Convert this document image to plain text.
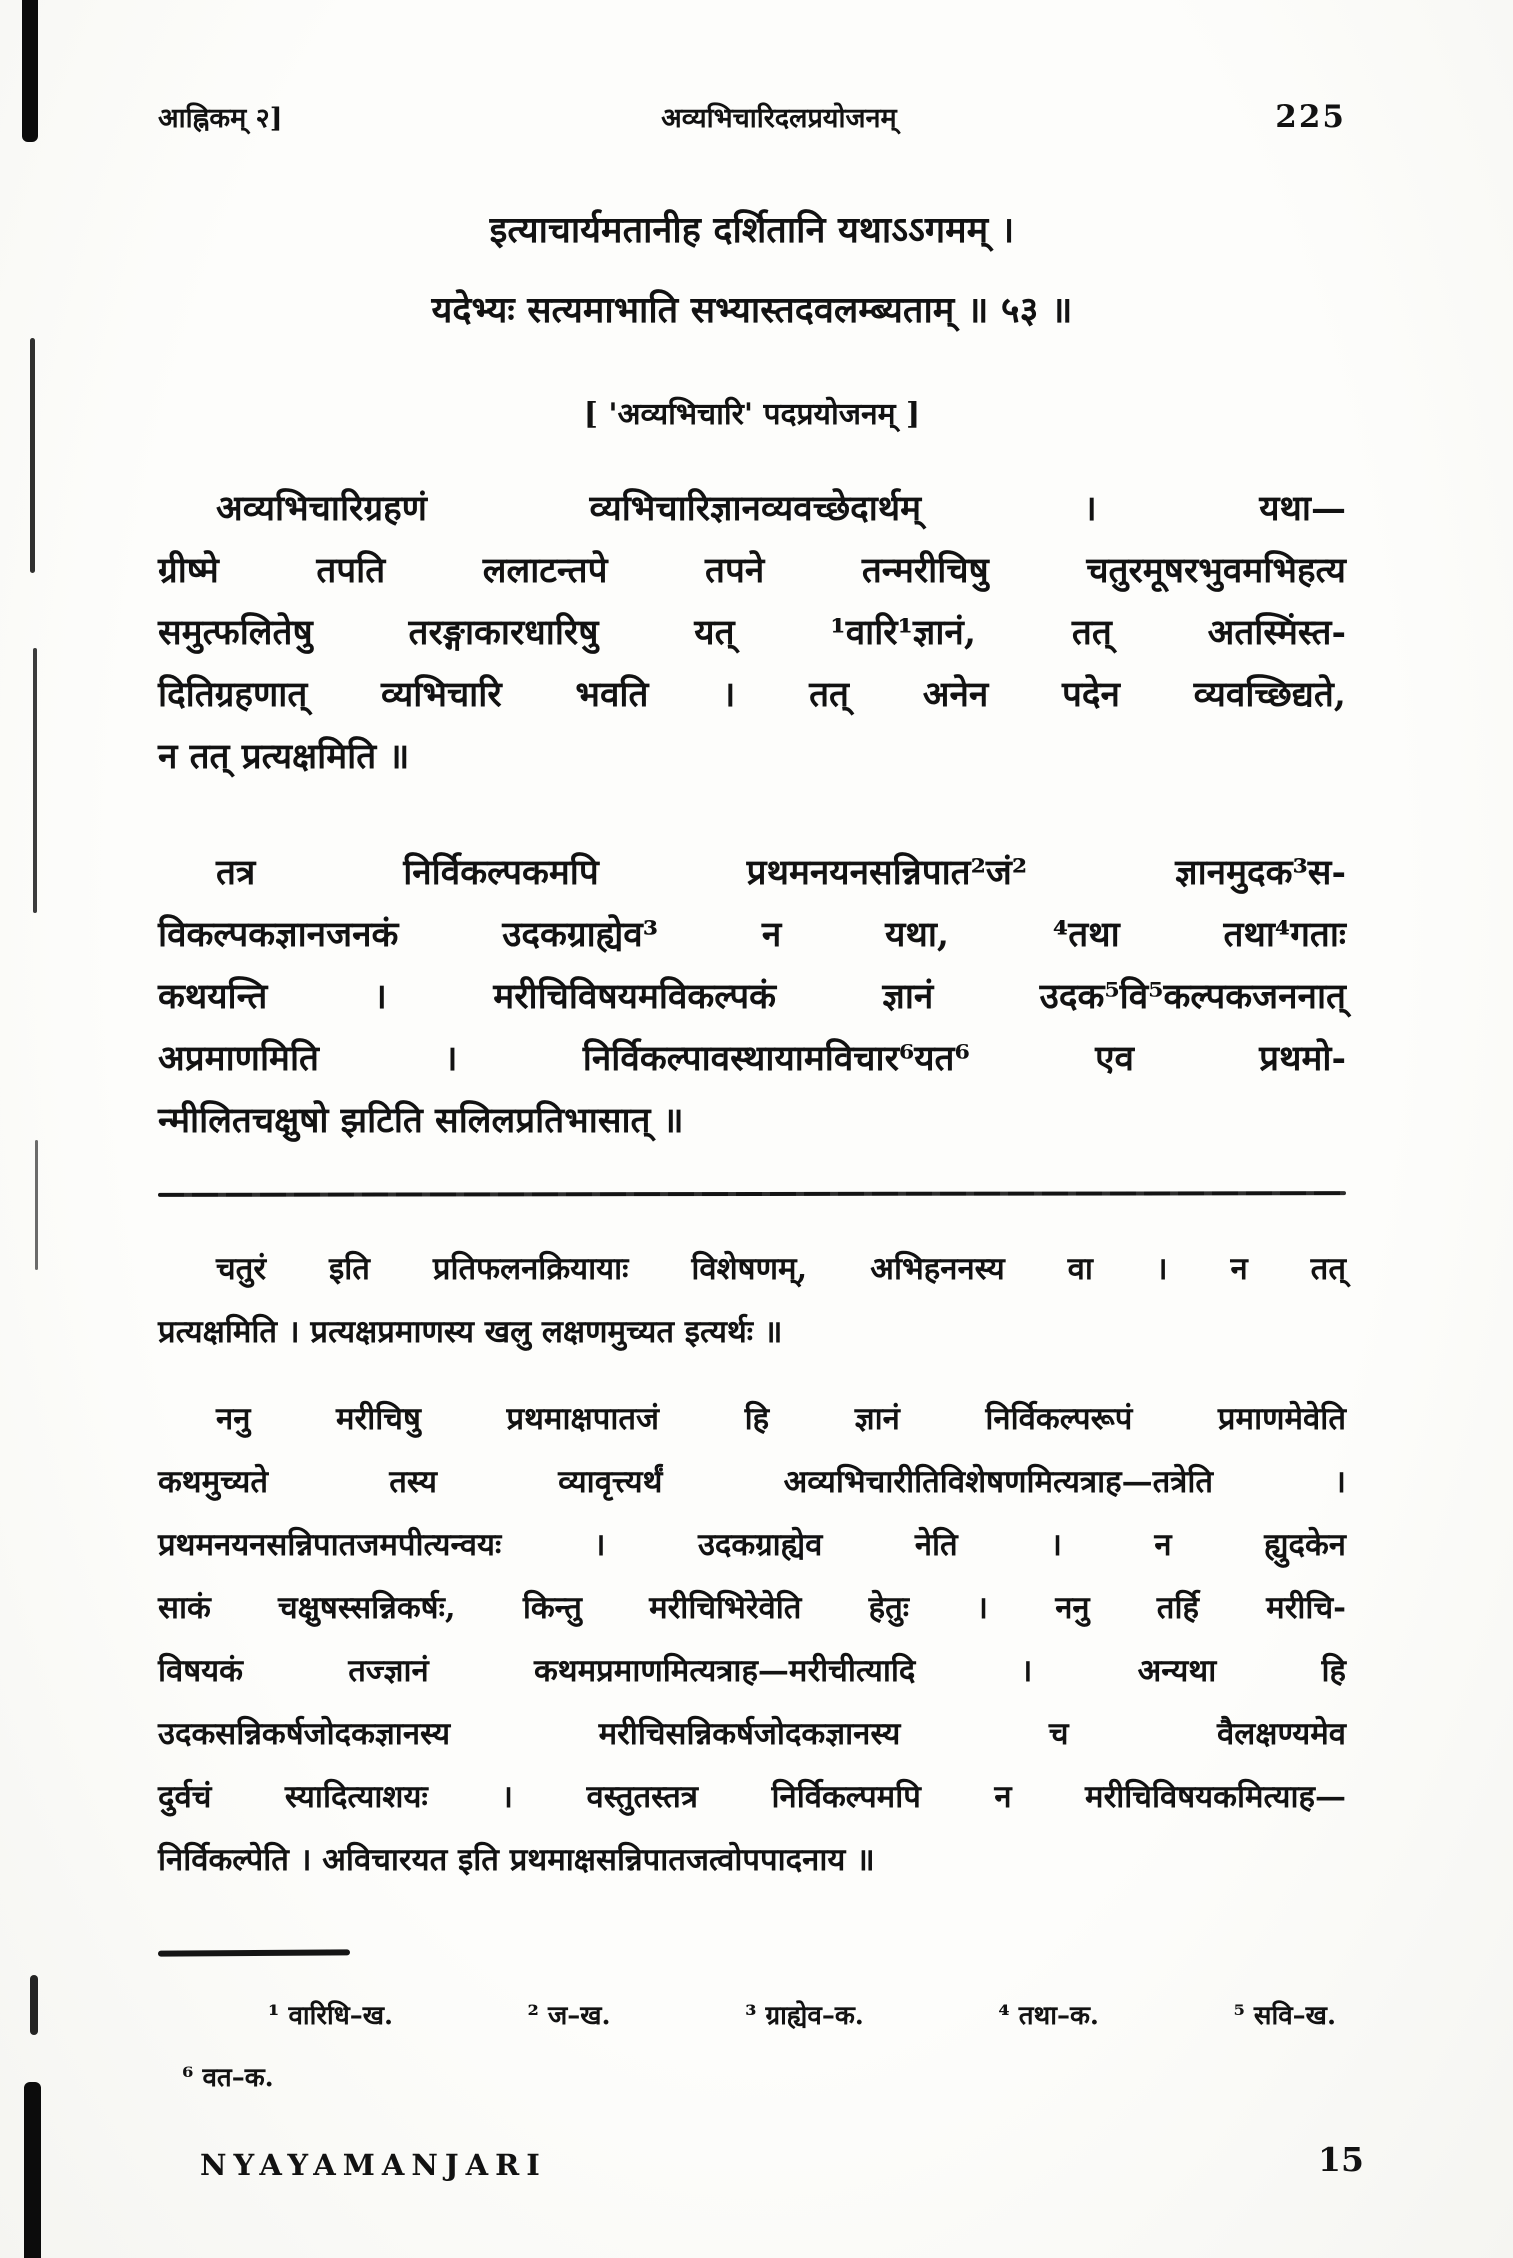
आह्निकम् २]	अव्यभिचारिदलप्रयोजनम्	225
इत्याचार्यमतानीह दर्शितानि यथाऽऽगमम् ।
यदेभ्यः सत्यमाभाति सभ्यास्तदवलम्ब्यताम् ॥ ५३ ॥
[ 'अव्यभिचारि' पदप्रयोजनम् ]
अव्यभिचारिग्रहणं व्यभिचारिज्ञानव्यवच्छेदार्थम् । यथा—
ग्रीष्मे तपति ललाटन्तपे तपने तन्मरीचिषु चतुरमूषरभुवमभिहत्य
समुत्फलितेषु तरङ्गाकारधारिषु यत् ¹वारि¹ज्ञानं, तत् अतस्मिंस्त-
दितिग्रहणात् व्यभिचारि भवति । तत् अनेन पदेन व्यवच्छिद्यते,
न तत् प्रत्यक्षमिति ॥
तत्र निर्विकल्पकमपि प्रथमनयनसन्निपात²जं² ज्ञानमुदक³स-
विकल्पकज्ञानजनकं उदकग्राह्येव³ न यथा, ⁴तथा तथा⁴गताः
कथयन्ति । मरीचिविषयमविकल्पकं ज्ञानं उदक⁵वि⁵कल्पकजननात्
अप्रमाणमिति । निर्विकल्पावस्थायामविचार⁶यत⁶ एव प्रथमो-
न्मीलितचक्षुषो झटिति सलिलप्रतिभासात् ॥
चतुरं इति प्रतिफलनक्रियायाः विशेषणम्, अभिहननस्य वा । न तत्
प्रत्यक्षमिति । प्रत्यक्षप्रमाणस्य खलु लक्षणमुच्यत इत्यर्थः ॥
ननु मरीचिषु प्रथमाक्षपातजं हि ज्ञानं निर्विकल्परूपं प्रमाणमेवेति
कथमुच्यते तस्य व्यावृत्त्यर्थं अव्यभिचारीतिविशेषणमित्यत्राह—तत्रेति ।
प्रथमनयनसन्निपातजमपीत्यन्वयः । उदकग्राह्येव नेति । न ह्युदकेन
साकं चक्षुषस्सन्निकर्षः, किन्तु मरीचिभिरेवेति हेतुः । ननु तर्हि मरीचि-
विषयकं तज्ज्ञानं कथमप्रमाणमित्यत्राह—मरीचीत्यादि । अन्यथा हि
उदकसन्निकर्षजोदकज्ञानस्य मरीचिसन्निकर्षजोदकज्ञानस्य च वैलक्षण्यमेव
दुर्वचं स्यादित्याशयः । वस्तुतस्तत्र निर्विकल्पमपि न मरीचिविषयकमित्याह—
निर्विकल्पेति । अविचारयत इति प्रथमाक्षसन्निपातजत्वोपपादनाय ॥
¹ वारिधि–ख.	² ज–ख.	³ ग्राह्येव–क.	⁴ तथा–क.	⁵ सवि–ख.
⁶ वत–क.
NYAYAMANJARI	15
